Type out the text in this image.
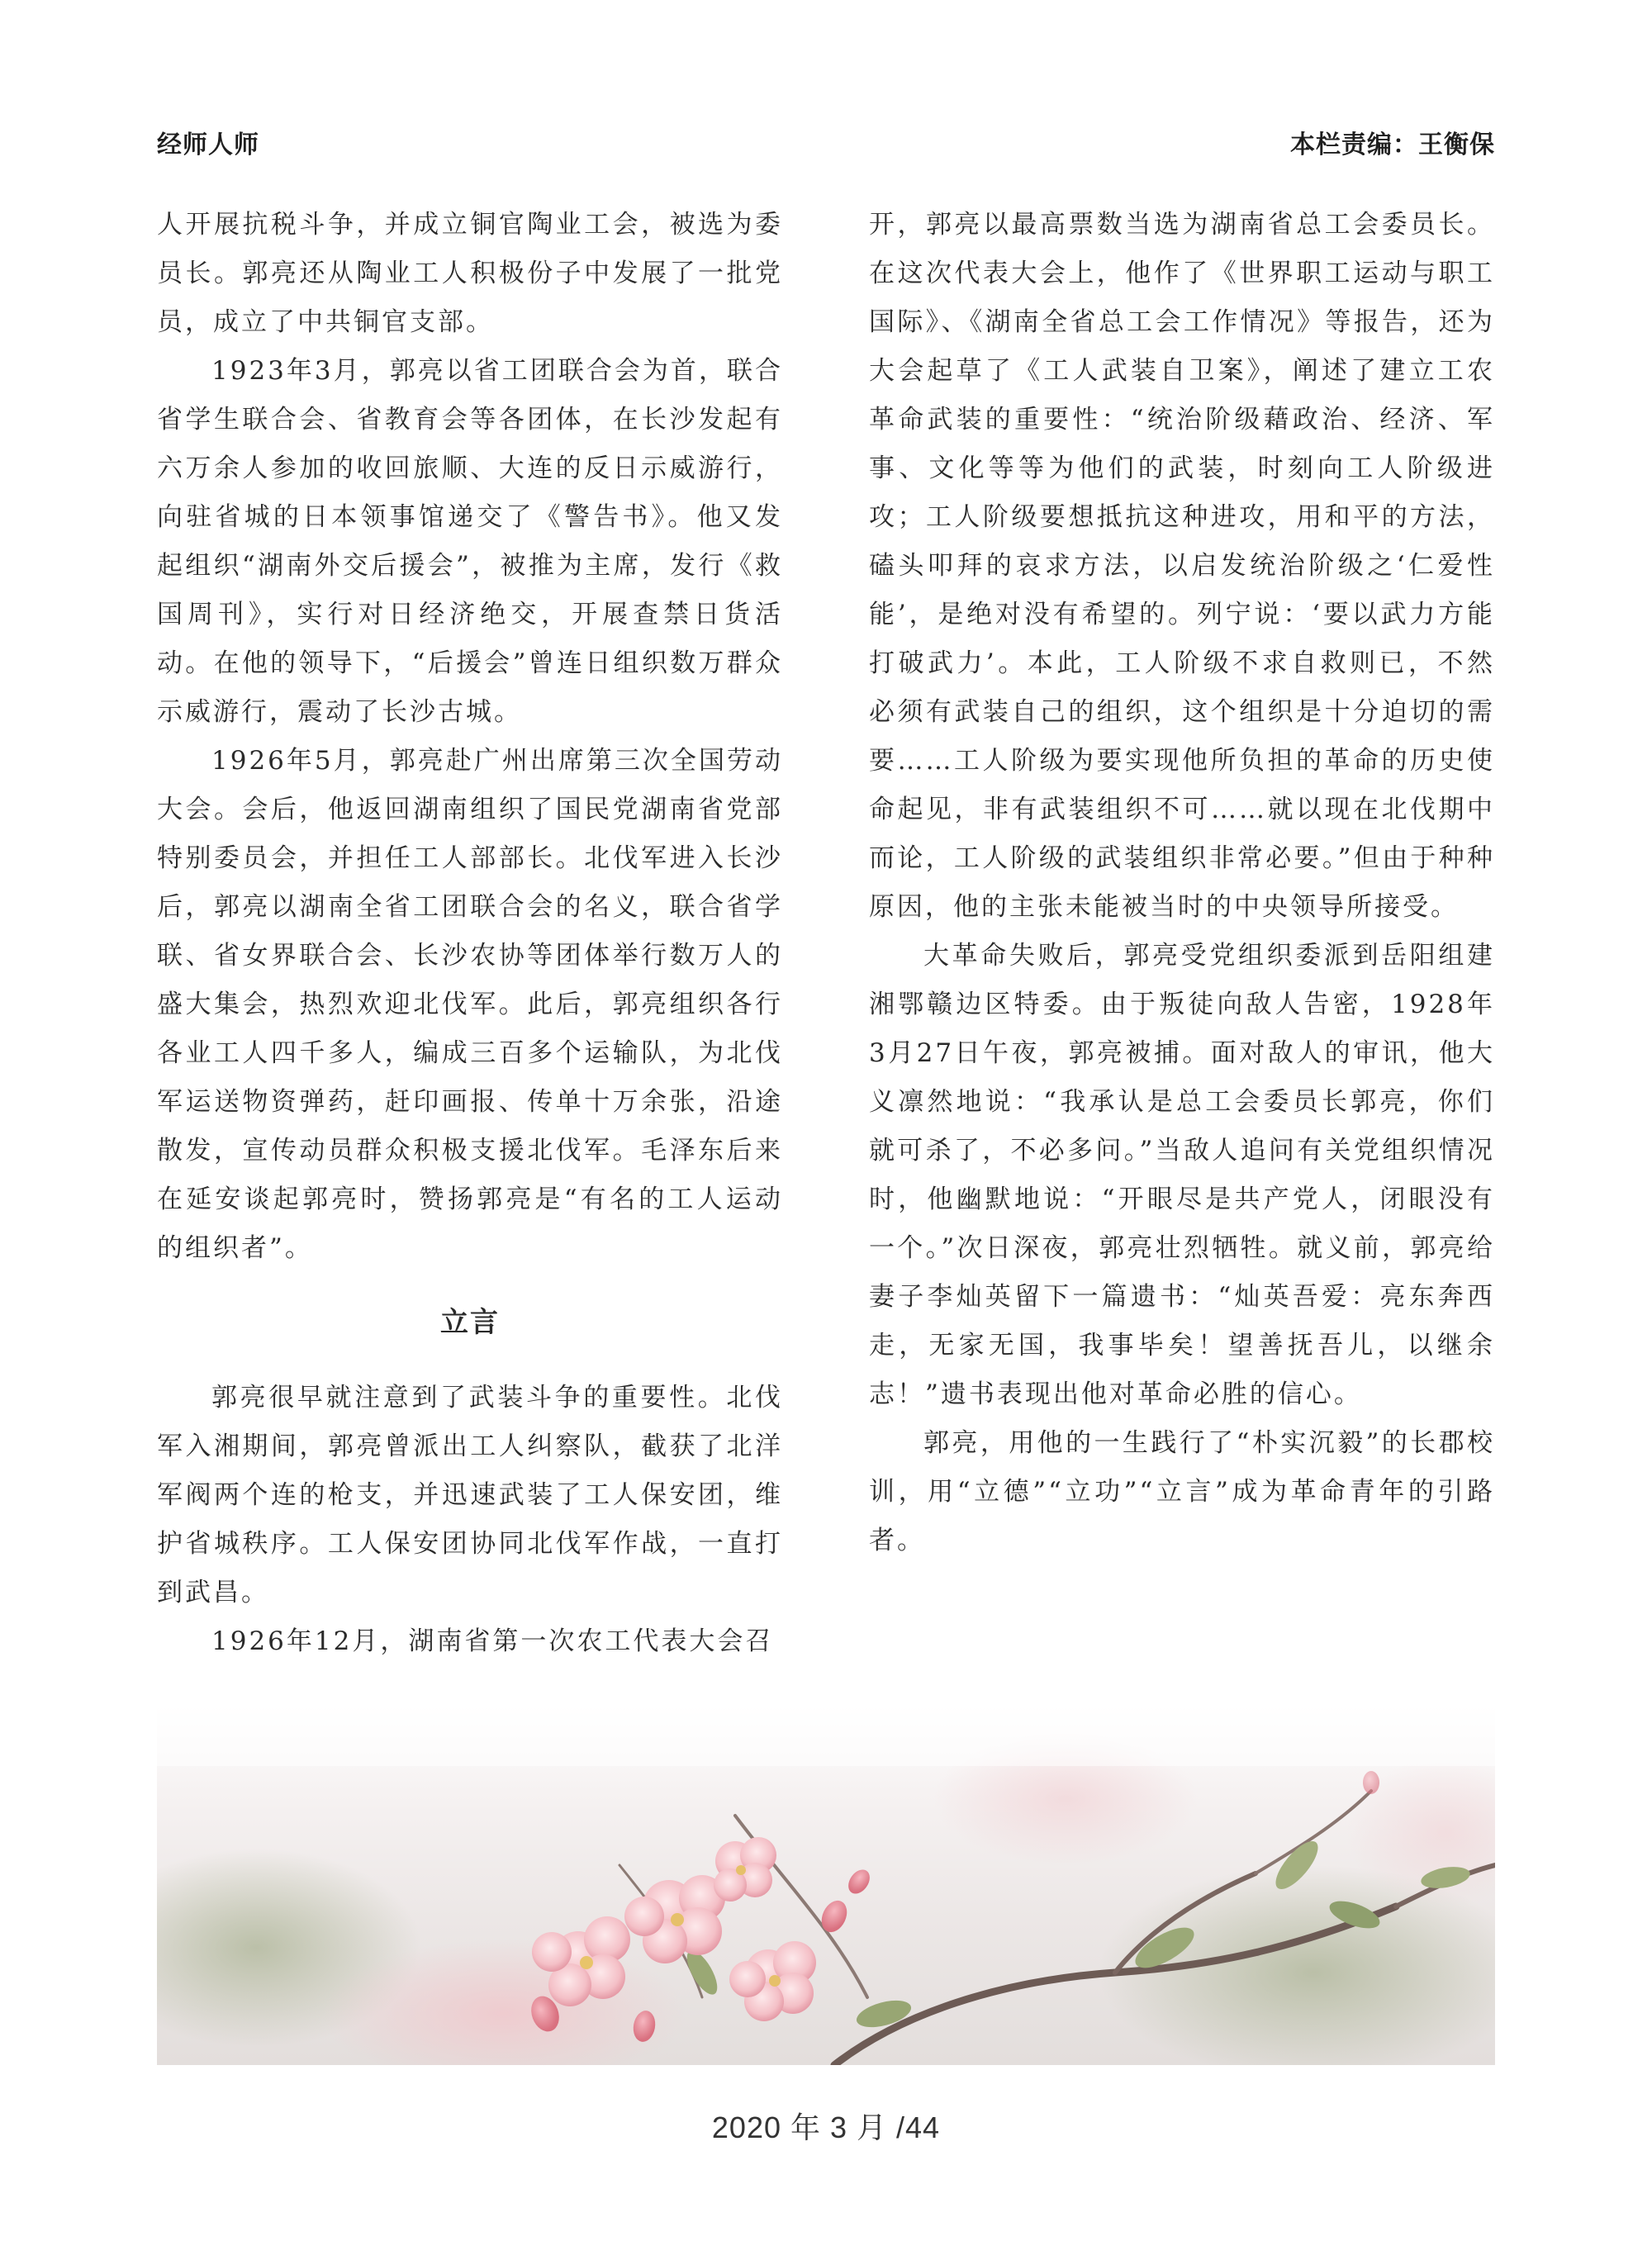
经师人师	本栏责编：王衡保

人开展抗税斗争，并成立铜官陶业工会，被选为委员长。郭亮还从陶业工人积极份子中发展了一批党员，成立了中共铜官支部。

1923年3月，郭亮以省工团联合会为首，联合省学生联合会、省教育会等各团体，在长沙发起有六万余人参加的收回旅顺、大连的反日示威游行，向驻省城的日本领事馆递交了《警告书》。他又发起组织“湖南外交后援会”，被推为主席，发行《救国周刊》，实行对日经济绝交，开展查禁日货活动。在他的领导下，“后援会”曾连日组织数万群众示威游行，震动了长沙古城。

1926年5月，郭亮赴广州出席第三次全国劳动大会。会后，他返回湖南组织了国民党湖南省党部特别委员会，并担任工人部部长。北伐军进入长沙后，郭亮以湖南全省工团联合会的名义，联合省学联、省女界联合会、长沙农协等团体举行数万人的盛大集会，热烈欢迎北伐军。此后，郭亮组织各行各业工人四千多人，编成三百多个运输队，为北伐军运送物资弹药，赶印画报、传单十万余张，沿途散发，宣传动员群众积极支援北伐军。毛泽东后来在延安谈起郭亮时，赞扬郭亮是“有名的工人运动的组织者”。

立言

郭亮很早就注意到了武装斗争的重要性。北伐军入湘期间，郭亮曾派出工人纠察队，截获了北洋军阀两个连的枪支，并迅速武装了工人保安团，维护省城秩序。工人保安团协同北伐军作战，一直打到武昌。

1926年12月，湖南省第一次农工代表大会召

开，郭亮以最高票数当选为湖南省总工会委员长。在这次代表大会上，他作了《世界职工运动与职工国际》、《湖南全省总工会工作情况》等报告，还为大会起草了《工人武装自卫案》，阐述了建立工农革命武装的重要性：“统治阶级藉政治、经济、军事、文化等等为他们的武装，时刻向工人阶级进攻；工人阶级要想抵抗这种进攻，用和平的方法，磕头叩拜的哀求方法，以启发统治阶级之‘仁爱性能’，是绝对没有希望的。列宁说：‘要以武力方能打破武力’。本此，工人阶级不求自救则已，不然必须有武装自己的组织，这个组织是十分迫切的需要……工人阶级为要实现他所负担的革命的历史使命起见，非有武装组织不可……就以现在北伐期中而论，工人阶级的武装组织非常必要。”但由于种种原因，他的主张未能被当时的中央领导所接受。

大革命失败后，郭亮受党组织委派到岳阳组建湘鄂赣边区特委。由于叛徒向敌人告密，1928年3月27日午夜，郭亮被捕。面对敌人的审讯，他大义凛然地说：“我承认是总工会委员长郭亮，你们就可杀了，不必多问。”当敌人追问有关党组织情况时，他幽默地说：“开眼尽是共产党人，闭眼没有一个。”次日深夜，郭亮壮烈牺牲。就义前，郭亮给妻子李灿英留下一篇遗书：“灿英吾爱：亮东奔西走，无家无国，我事毕矣！望善抚吾儿，以继余志！”遗书表现出他对革命必胜的信心。

郭亮，用他的一生践行了“朴实沉毅”的长郡校训，用“立德”“立功”“立言”成为革命青年的引路者。

2020 年 3 月 /44
